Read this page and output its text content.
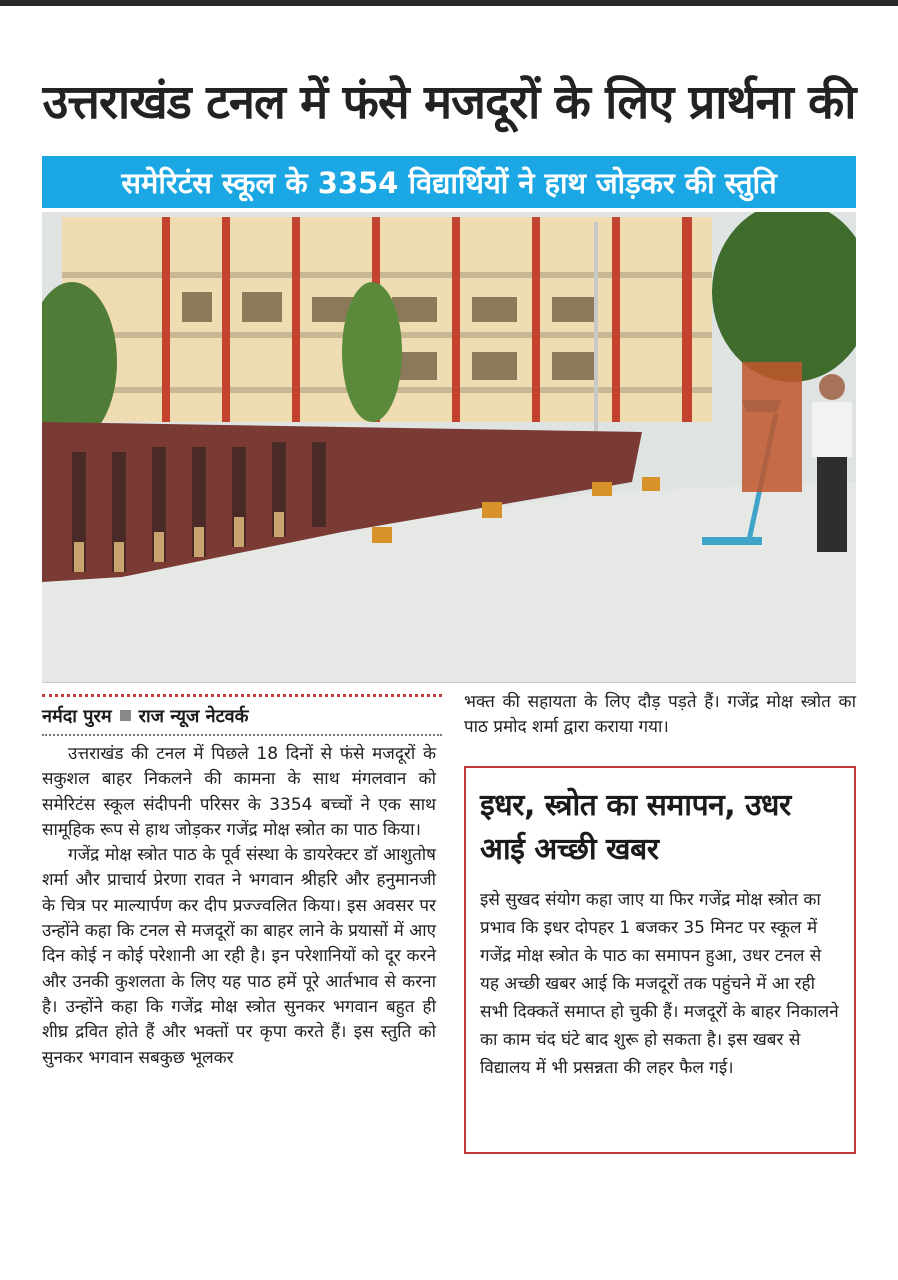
उत्तराखंड टनल में फंसे मजदूरों के लिए प्रार्थना की
समेरिटंस स्कूल के 3354 विद्यार्थियों ने हाथ जोड़कर की स्तुति
नर्मदा पुरम राज न्यूज नेटवर्क

उत्तराखंड की टनल में पिछले 18 दिनों से फंसे मजदूरों के सकुशल बाहर निकलने की कामना के साथ मंगलवान को समेरिटंस स्कूल संदीपनी परिसर के 3354 बच्चों ने एक साथ सामूहिक रूप से हाथ जोड़कर गजेंद्र मोक्ष स्त्रोत का पाठ किया।

गजेंद्र मोक्ष स्त्रोत पाठ के पूर्व संस्था के डायरेक्टर डॉ आशुतोष शर्मा और प्राचार्य प्रेरणा रावत ने भगवान श्रीहरि और हनुमानजी के चित्र पर माल्यार्पण कर दीप प्रज्ज्वलित किया। इस अवसर पर उन्होंने कहा कि टनल से मजदूरों का बाहर लाने के प्रयासों में आए दिन कोई न कोई परेशानी आ रही है। इन परेशानियों को दूर करने और उनकी कुशलता के लिए यह पाठ हमें पूरे आर्तभाव से करना है। उन्होंने कहा कि गजेंद्र मोक्ष स्त्रोत सुनकर भगवान बहुत ही शीघ्र द्रवित होते हैं और भक्तों पर कृपा करते हैं। इस स्तुति को सुनकर भगवान सबकुछ भूलकर

भक्त की सहायता के लिए दौड़ पड़ते हैं। गजेंद्र मोक्ष स्त्रोत का पाठ प्रमोद शर्मा द्वारा कराया गया।

इधर, स्त्रोत का समापन, उधर आई अच्छी खबर

इसे सुखद संयोग कहा जाए या फिर गजेंद्र मोक्ष स्त्रोत का प्रभाव कि इधर दोपहर 1 बजकर 35 मिनट पर स्कूल में गजेंद्र मोक्ष स्त्रोत के पाठ का समापन हुआ, उधर टनल से यह अच्छी खबर आई कि मजदूरों तक पहुंचने में आ रही सभी दिक्कतें समाप्त हो चुकी हैं। मजदूरों के बाहर निकालने का काम चंद घंटे बाद शुरू हो सकता है। इस खबर से विद्यालय में भी प्रसन्नता की लहर फैल गई।
